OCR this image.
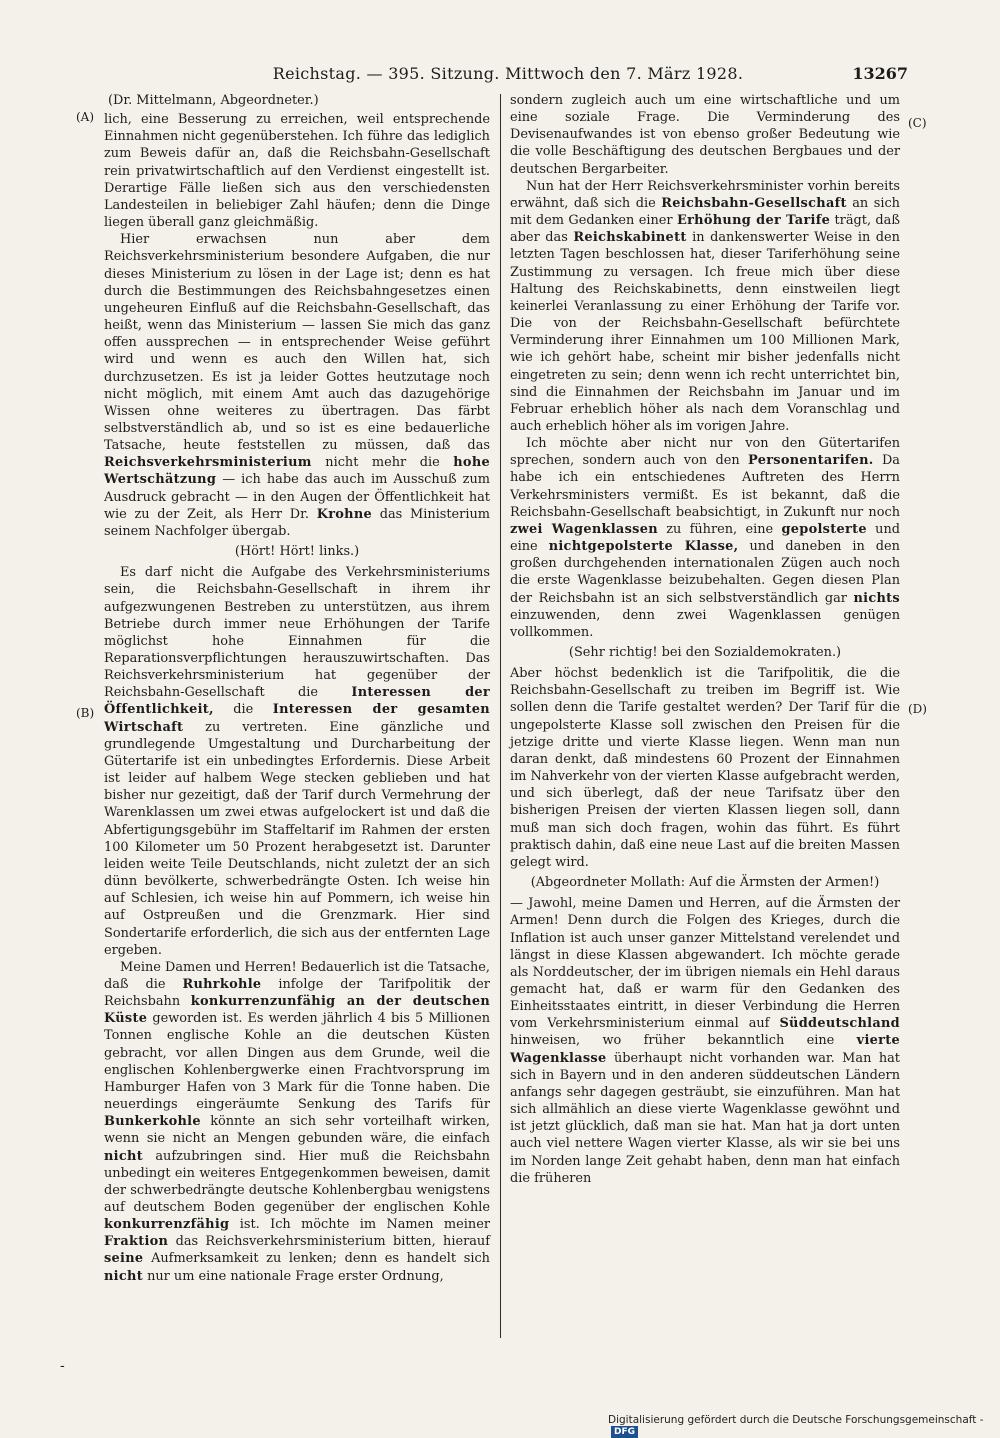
Reichstag. — 395. Sitzung. Mittwoch den 7. März 1928.	13267
(A)
(B)
(C)
(D)

(Dr. Mittelmann, Abgeordneter.)

lich, eine Besserung zu erreichen, weil entsprechende Einnahmen nicht gegenüberstehen. Ich führe das lediglich zum Beweis dafür an, daß die Reichsbahn-Gesellschaft rein privatwirtschaftlich auf den Verdienst eingestellt ist. Derartige Fälle ließen sich aus den verschiedensten Landesteilen in beliebiger Zahl häufen; denn die Dinge liegen überall ganz gleichmäßig.

Hier erwachsen nun aber dem Reichsverkehrsministerium besondere Aufgaben, die nur dieses Ministerium zu lösen in der Lage ist; denn es hat durch die Bestimmungen des Reichsbahngesetzes einen ungeheuren Einfluß auf die Reichsbahn-Gesellschaft, das heißt, wenn das Ministerium — lassen Sie mich das ganz offen aussprechen — in entsprechender Weise geführt wird und wenn es auch den Willen hat, sich durchzusetzen. Es ist ja leider Gottes heutzutage noch nicht möglich, mit einem Amt auch das dazugehörige Wissen ohne weiteres zu übertragen. Das färbt selbstverständlich ab, und so ist es eine bedauerliche Tatsache, heute feststellen zu müssen, daß das Reichsverkehrsministerium nicht mehr die hohe Wertschätzung — ich habe das auch im Ausschuß zum Ausdruck gebracht — in den Augen der Öffentlichkeit hat wie zu der Zeit, als Herr Dr. Krohne das Ministerium seinem Nachfolger übergab.

(Hört! Hört! links.)

Es darf nicht die Aufgabe des Verkehrsministeriums sein, die Reichsbahn-Gesellschaft in ihrem ihr aufgezwungenen Bestreben zu unterstützen, aus ihrem Betriebe durch immer neue Erhöhungen der Tarife möglichst hohe Einnahmen für die Reparationsverpflichtungen herauszuwirtschaften. Das Reichsverkehrsministerium hat gegenüber der Reichsbahn-Gesellschaft die	Interessen der Öffentlichkeit, die Interessen der gesamten Wirtschaft zu vertreten. Eine gänzliche und grundlegende Umgestaltung und Durcharbeitung der Gütertarife ist ein unbedingtes Erfordernis. Diese Arbeit ist leider auf halbem Wege stecken geblieben und hat bisher nur gezeitigt, daß der Tarif durch Vermehrung der Warenklassen um zwei etwas aufgelockert ist und daß die Abfertigungsgebühr im Staffeltarif im Rahmen der ersten 100 Kilometer um 50 Prozent herabgesetzt ist. Darunter leiden weite Teile Deutschlands, nicht zuletzt der an sich dünn bevölkerte, schwerbedrängte Osten. Ich weise hin auf Schlesien, ich weise hin auf Pommern, ich weise hin auf Ostpreußen und die Grenzmark. Hier sind Sondertarife erforderlich, die sich aus der entfernten Lage ergeben.

Meine Damen und Herren! Bedauerlich ist die Tatsache, daß die Ruhrkohle infolge der Tarifpolitik der Reichsbahn konkurrenzunfähig an der deutschen Küste geworden ist. Es werden jährlich 4 bis 5 Millionen Tonnen englische Kohle an die deutschen Küsten gebracht, vor allen Dingen aus dem Grunde, weil die englischen Kohlenbergwerke einen Frachtvorsprung im Hamburger Hafen von 3 Mark für die Tonne haben. Die neuerdings eingeräumte Senkung des Tarifs für Bunkerkohle könnte an sich sehr vorteilhaft wirken, wenn sie nicht an Mengen gebunden wäre, die einfach nicht aufzubringen sind. Hier muß die Reichsbahn unbedingt ein weiteres Entgegenkommen beweisen, damit der schwerbedrängte deutsche Kohlenbergbau wenigstens auf deutschem Boden gegenüber der englischen Kohle konkurrenzfähig ist. Ich möchte im Namen meiner Fraktion das Reichsverkehrsministerium bitten, hierauf seine Aufmerksamkeit zu lenken; denn es handelt sich nicht nur um eine nationale Frage erster Ordnung,

sondern zugleich auch um eine wirtschaftliche und um eine soziale Frage. Die Verminderung des Devisenaufwandes ist von ebenso großer Bedeutung wie die volle Beschäftigung des deutschen Bergbaues und der deutschen Bergarbeiter.

Nun hat der Herr Reichsverkehrsminister vorhin bereits erwähnt, daß sich die Reichsbahn-Gesellschaft an sich mit dem Gedanken einer Erhöhung der Tarife trägt, daß aber das Reichskabinett in dankenswerter Weise in den letzten Tagen beschlossen hat, dieser Tariferhöhung seine Zustimmung zu versagen. Ich freue mich über diese Haltung des Reichskabinetts, denn einstweilen liegt keinerlei Veranlassung zu einer Erhöhung der Tarife vor. Die von der Reichsbahn-Gesellschaft befürchtete Verminderung ihrer Einnahmen um 100 Millionen Mark, wie ich gehört habe, scheint mir bisher jedenfalls nicht eingetreten zu sein; denn wenn ich recht unterrichtet bin, sind die Einnahmen der Reichsbahn im Januar und im Februar erheblich höher als nach dem Voranschlag und auch erheblich höher als im vorigen Jahre.

Ich möchte aber nicht nur von den Gütertarifen sprechen, sondern auch von den Personentarifen. Da habe ich ein entschiedenes Auftreten des Herrn Verkehrsministers vermißt. Es ist bekannt, daß die Reichsbahn-Gesellschaft beabsichtigt, in Zukunft nur noch zwei Wagenklassen zu führen, eine gepolsterte und eine nichtgepolsterte Klasse, und daneben in den großen durchgehenden internationalen Zügen auch noch die erste Wagenklasse beizubehalten. Gegen diesen Plan der Reichsbahn ist an sich selbstverständlich gar nichts einzuwenden, denn zwei Wagenklassen genügen vollkommen.

(Sehr richtig! bei den Sozialdemokraten.)

Aber höchst bedenklich ist die Tarifpolitik, die die Reichsbahn-Gesellschaft zu treiben im Begriff ist. Wie sollen denn die Tarife gestaltet werden? Der Tarif für die ungepolsterte Klasse soll zwischen den Preisen für die jetzige dritte und vierte Klasse liegen. Wenn man nun daran denkt, daß mindestens 60 Prozent der Einnahmen im Nahverkehr von der vierten Klasse aufgebracht werden, und sich überlegt, daß der neue Tarifsatz über den bisherigen Preisen der vierten Klassen liegen soll, dann muß man sich doch fragen, wohin das führt. Es führt praktisch dahin, daß eine neue Last auf die breiten Massen gelegt wird.

(Abgeordneter Mollath: Auf die Ärmsten der Armen!)

— Jawohl, meine Damen und Herren, auf die Ärmsten der Armen! Denn durch die Folgen des Krieges, durch die Inflation ist auch unser ganzer Mittelstand verelendet und längst in diese Klassen abgewandert. Ich möchte gerade als Norddeutscher, der im übrigen niemals ein Hehl daraus gemacht hat, daß er warm für den Gedanken des Einheitsstaates eintritt, in dieser Verbindung die Herren vom Verkehrsministerium einmal auf Süddeutschland hinweisen, wo früher bekanntlich eine vierte Wagenklasse überhaupt nicht vorhanden war. Man hat sich in Bayern und in den anderen süddeutschen Ländern anfangs sehr dagegen gesträubt, sie einzuführen. Man hat sich allmählich an diese vierte Wagenklasse gewöhnt und ist jetzt glücklich, daß man sie hat. Man hat ja dort unten auch viel nettere Wagen vierter Klasse, als wir sie bei uns im Norden lange Zeit gehabt haben, denn man hat einfach die früheren

-
Digitalisierung gefördert durch die Deutsche Forschungsgemeinschaft - DFG
